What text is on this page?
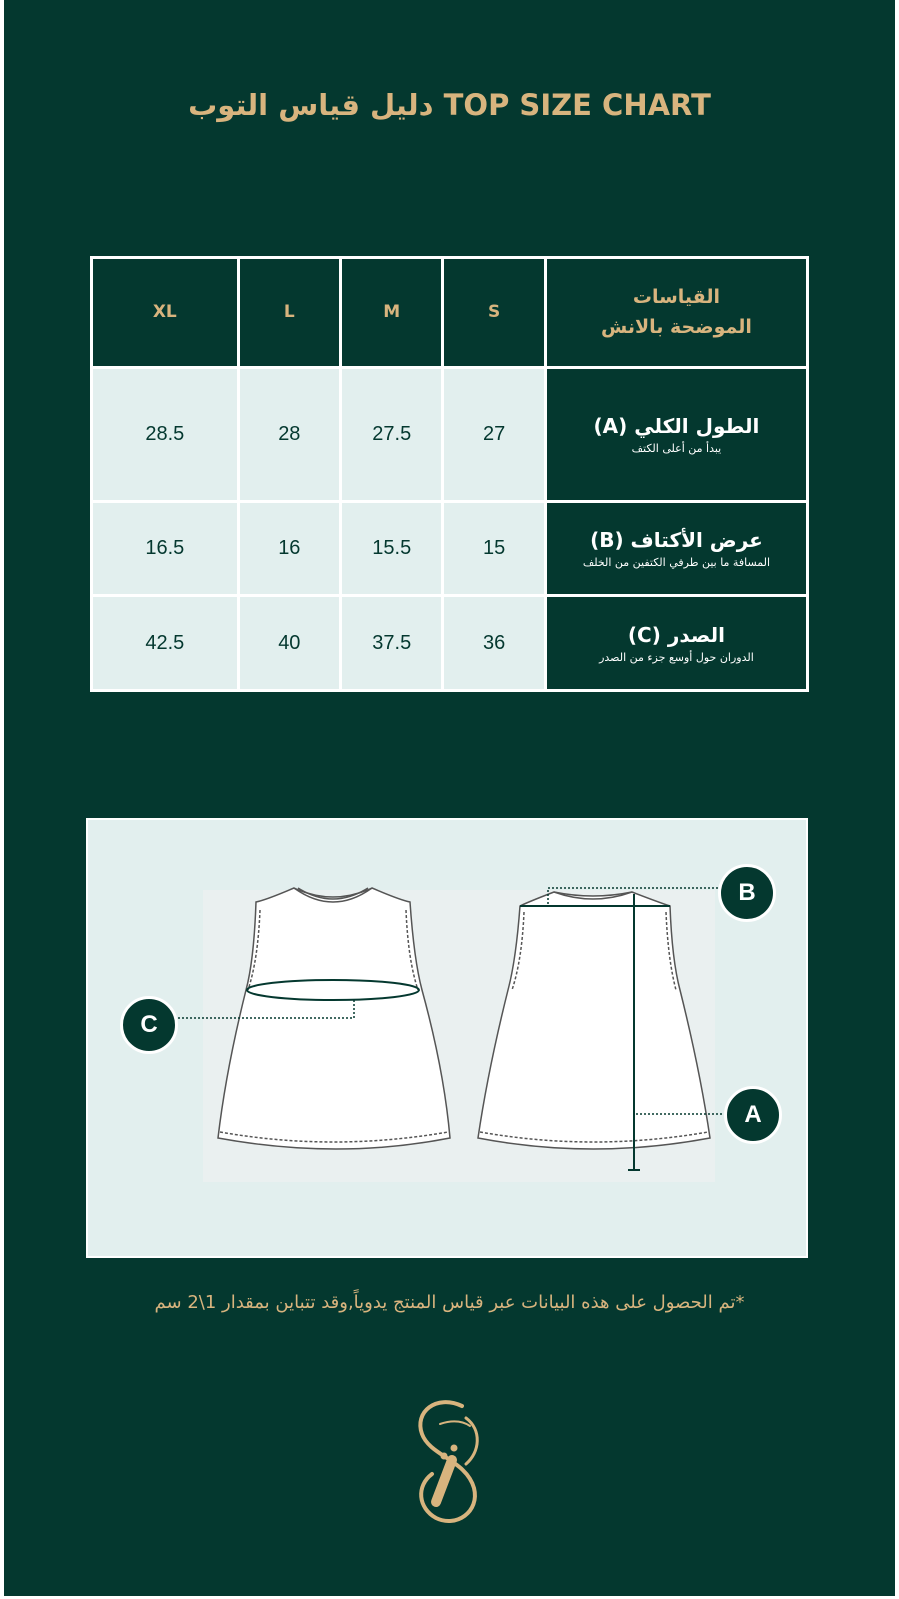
دليل قياس التوب TOP SIZE CHART
XL	L	M	S	القياسات الموضحة بالانش
28.5	28	27.5	27	الطول الكلي (A)
يبدأ من أعلى الكتف

16.5	16	15.5	15	عرض الأكتاف (B)
المسافة ما بين طرفي الكتفين من الخلف

42.5	40	37.5	36	الصدر (C)
الدوران حول أوسع جزء من الصدر
B
C
A
*تم الحصول على هذه البيانات عبر قياس المنتج يدوياً,وقد تتباين بمقدار 1\2 سم
